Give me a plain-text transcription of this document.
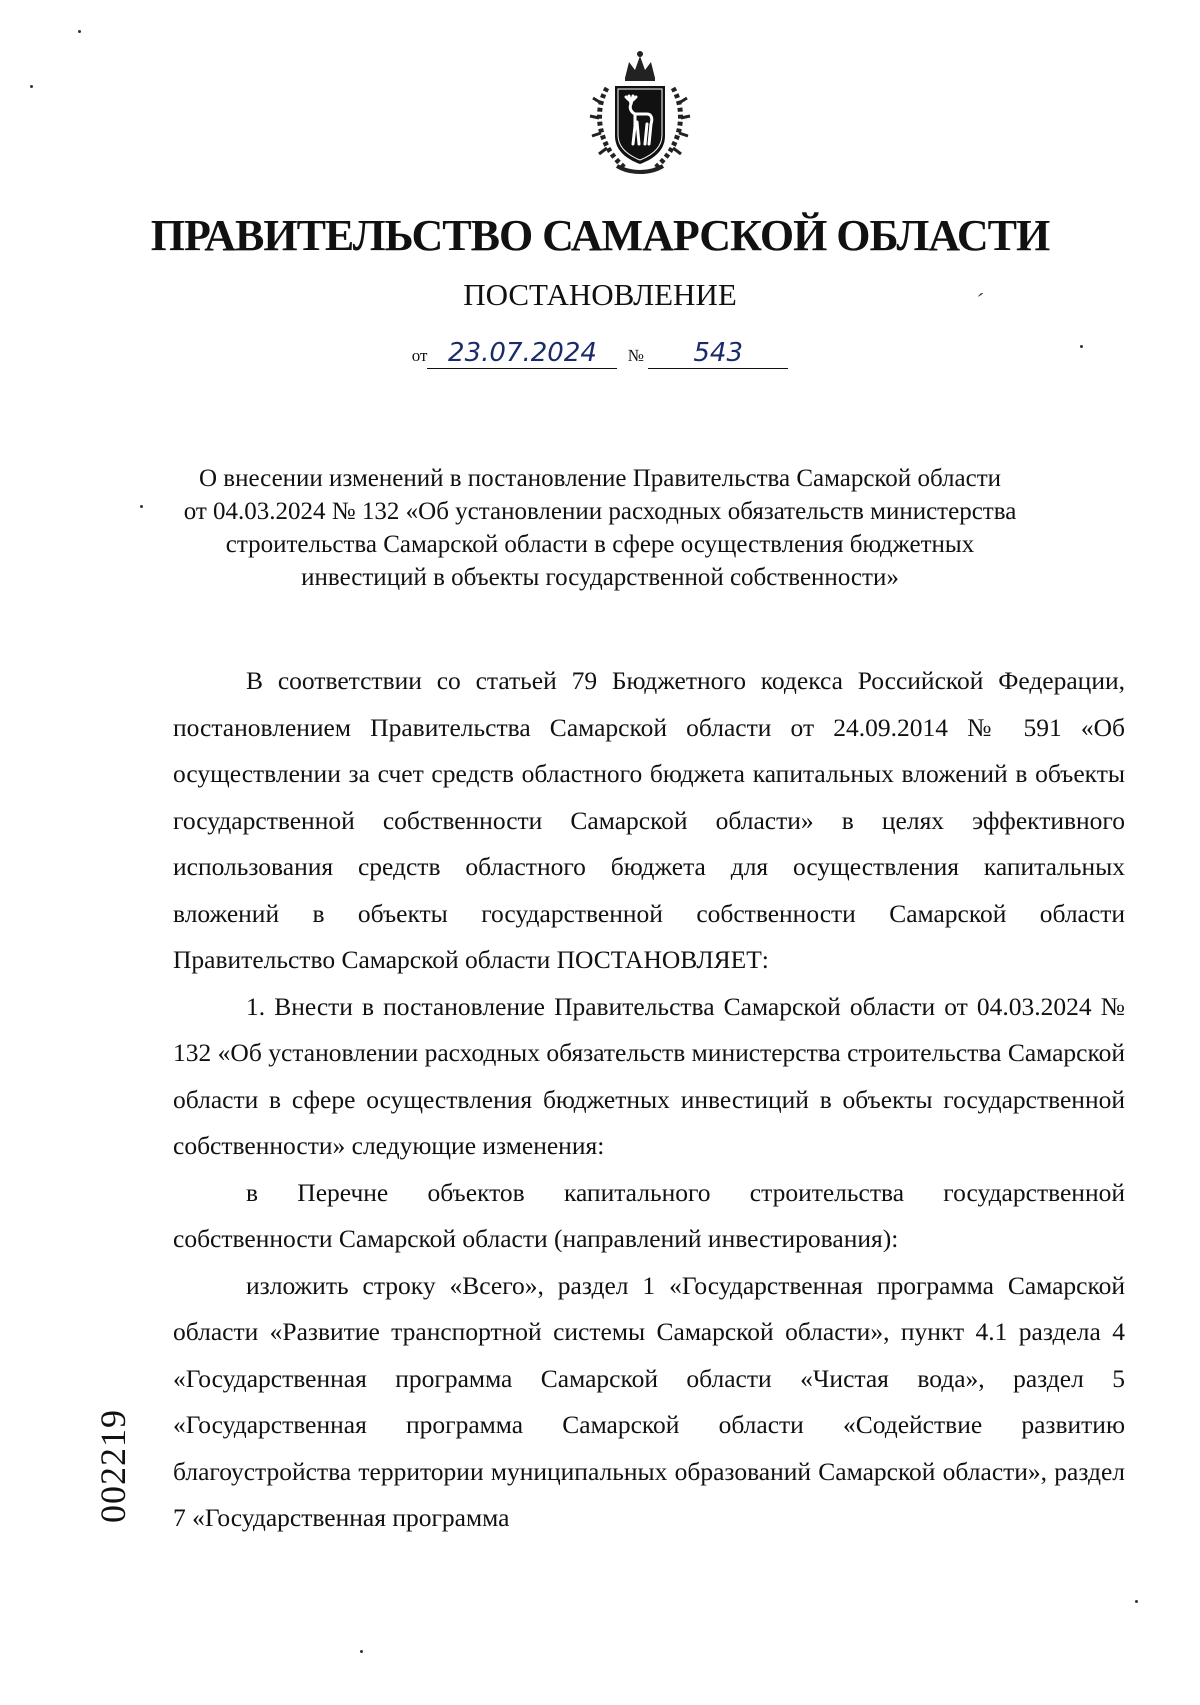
ПРАВИТЕЛЬСТВО САМАРСКОЙ ОБЛАСТИ
ПОСТАНОВЛЕНИЕ	ˏ
от 23.07.2024 № 543
О внесении изменений в постановление Правительства Самарской области
от 04.03.2024 № 132 «Об установлении расходных обязательств министерства
строительства Самарской области в сфере осуществления бюджетных
инвестиций в объекты государственной собственности»

В соответствии со статьей 79 Бюджетного кодекса Российской Федерации, постановлением Правительства Самарской области от 24.09.2014 № 591 «Об осуществлении за счет средств областного бюджета капитальных вложений в объекты государственной собственности Самарской области» в целях эффективного использования средств областного бюджета для осуществления капитальных вложений в объекты государственной собственности Самарской области Правительство Самарской области ПОСТАНОВЛЯЕТ:

1. Внести в постановление Правительства Самарской области от 04.03.2024 № 132 «Об установлении расходных обязательств министерства строительства Самарской области в сфере осуществления бюджетных инвестиций в объекты государственной собственности» следующие изменения:

в Перечне объектов капитального строительства государственной собственности Самарской области (направлений инвестирования):

изложить строку «Всего», раздел 1 «Государственная программа Самарской области «Развитие транспортной системы Самарской области», пункт 4.1 раздела 4 «Государственная программа Самарской области «Чистая вода», раздел 5 «Государственная программа Самарской области «Содействие развитию благоустройства территории муниципальных образований Самарской области», раздел 7 «Государственная программа

002219
